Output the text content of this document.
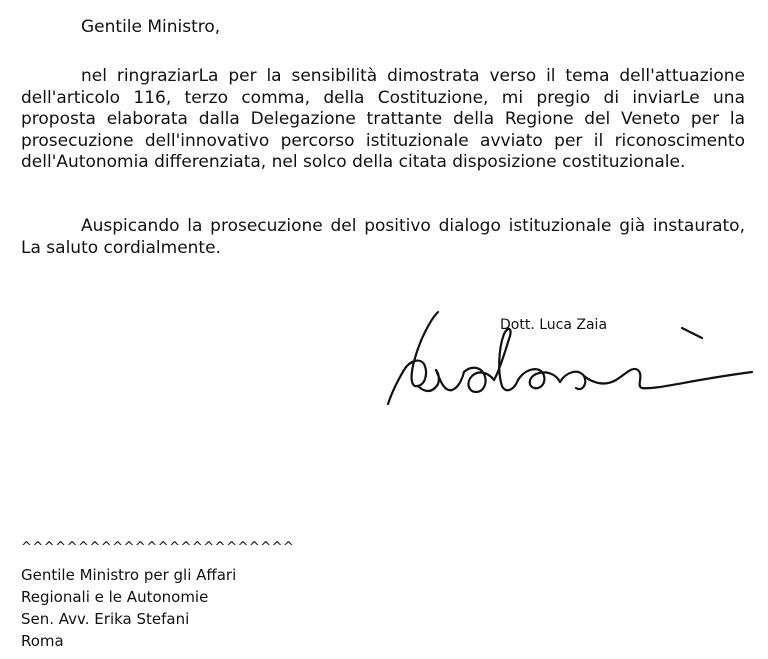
Gentile Ministro,

nel ringraziarLa per la sensibilità dimostrata verso il tema dell'attuazione dell'articolo 116, terzo comma, della Costituzione, mi pregio di inviarLe una proposta elaborata dalla Delegazione trattante della Regione del Veneto per la prosecuzione dell'innovativo percorso istituzionale avviato per il riconoscimento dell'Autonomia differenziata, nel solco della citata disposizione costituzionale.

Auspicando la prosecuzione del positivo dialogo istituzionale già instaurato, La saluto cordialmente.

Dott. Luca Zaia
^^^^^^^^^^^^^^^^^^^^^^^^
Gentile Ministro per gli Affari
Regionali e le Autonomie
Sen. Avv. Erika Stefani
Roma
